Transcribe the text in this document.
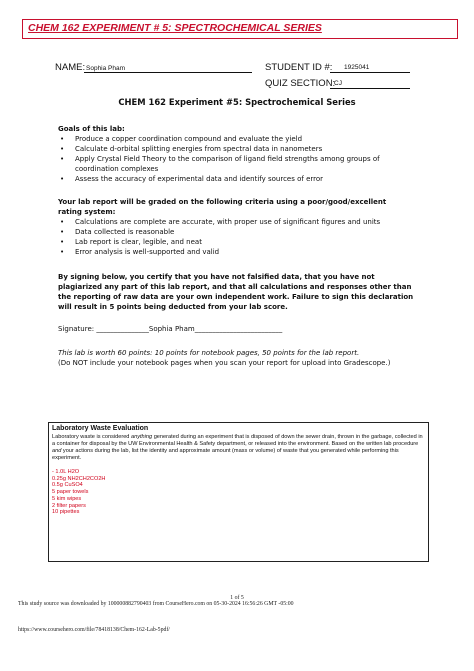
CHEM 162 EXPERIMENT # 5: SPECTROCHEMICAL SERIES
NAME: Sophia Pham	STUDENT ID #: 1925041
QUIZ SECTION:
CJ
CHEM 162 Experiment #5: Spectrochemical Series
Goals of this lab:
• Produce a copper coordination compound and evaluate the yield
• Calculate d-orbital splitting energies from spectral data in nanometers
• Apply Crystal Field Theory to the comparison of ligand field strengths among groups of coordination complexes
• Assess the accuracy of experimental data and identify sources of error
Your lab report will be graded on the following criteria using a poor/good/excellent rating system:
• Calculations are complete are accurate, with proper use of significant figures and units
• Data collected is reasonable
• Lab report is clear, legible, and neat
• Error analysis is well-supported and valid
By signing below, you certify that you have not falsified data, that you have not plagiarized any part of this lab report, and that all calculations and responses other than the reporting of raw data are your own independent work. Failure to sign this declaration will result in 5 points being deducted from your lab score.
Signature: _______________Sophia Pham_________________________
This lab is worth 60 points: 10 points for notebook pages, 50 points for the lab report.
(Do NOT include your notebook pages when you scan your report for upload into Gradescope.)
Laboratory Waste Evaluation
Laboratory waste is considered anything generated during an experiment that is disposed of down the sewer drain, thrown in the garbage, collected in a container for disposal by the UW Environmental Health & Safety department, or released into the environment. Based on the written lab procedure and your actions during the lab, list the identity and approximate amount (mass or volume) of waste that you generated while performing this experiment.
- 1.0L H2O
0.25g NH2CH2CO2H
0.5g CuSO4
5 paper towels
5 kim wipes
2 filter papers
10 pipettes
1 of 5
This study source was downloaded by 100000882790403 from CourseHero.com on 05-30-2024 16:56:26 GMT -05:00
https://www.coursehero.com/file/78418138/Chem-162-Lab-5pdf/
